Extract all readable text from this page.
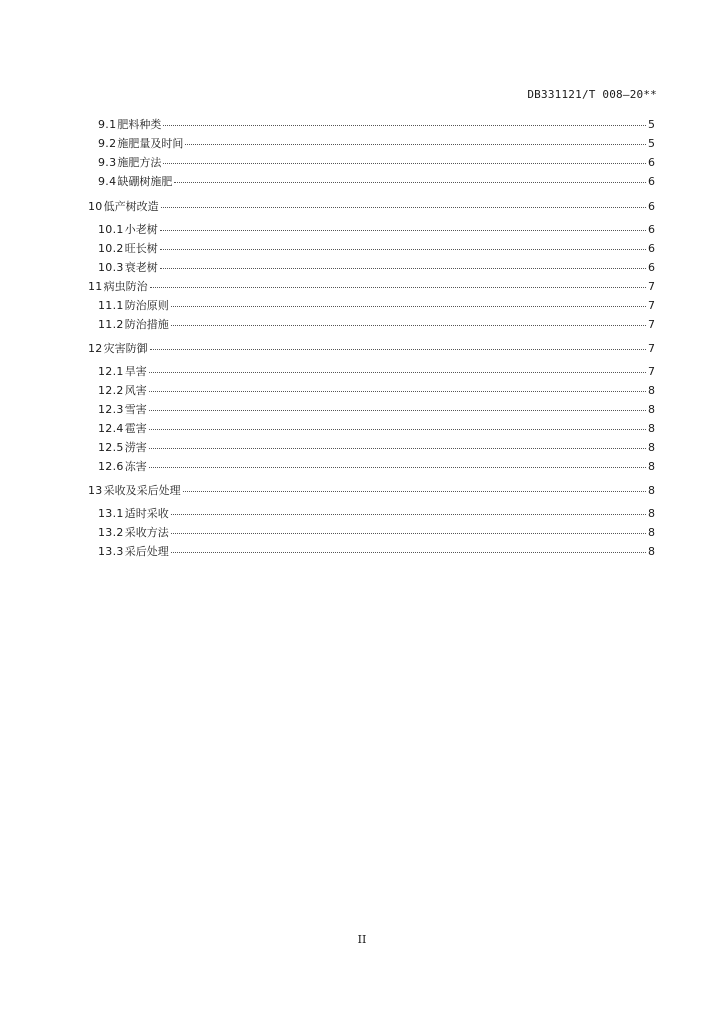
DB331121/T 008—20**
9.1 肥料种类	5
9.2 施肥量及时间	5
9.3 施肥方法	6
9.4 缺硼树施肥	6
10 低产树改造	6
10.1 小老树	6
10.2 旺长树	6
10.3 衰老树	6
11 病虫防治	7
11.1 防治原则	7
11.2 防治措施	7
12 灾害防御	7
12.1 旱害	7
12.2 风害	8
12.3 雪害	8
12.4 雹害	8
12.5 涝害	8
12.6 冻害	8
13 采收及采后处理	8
13.1 适时采收	8
13.2 采收方法	8
13.3 采后处理	8
II
